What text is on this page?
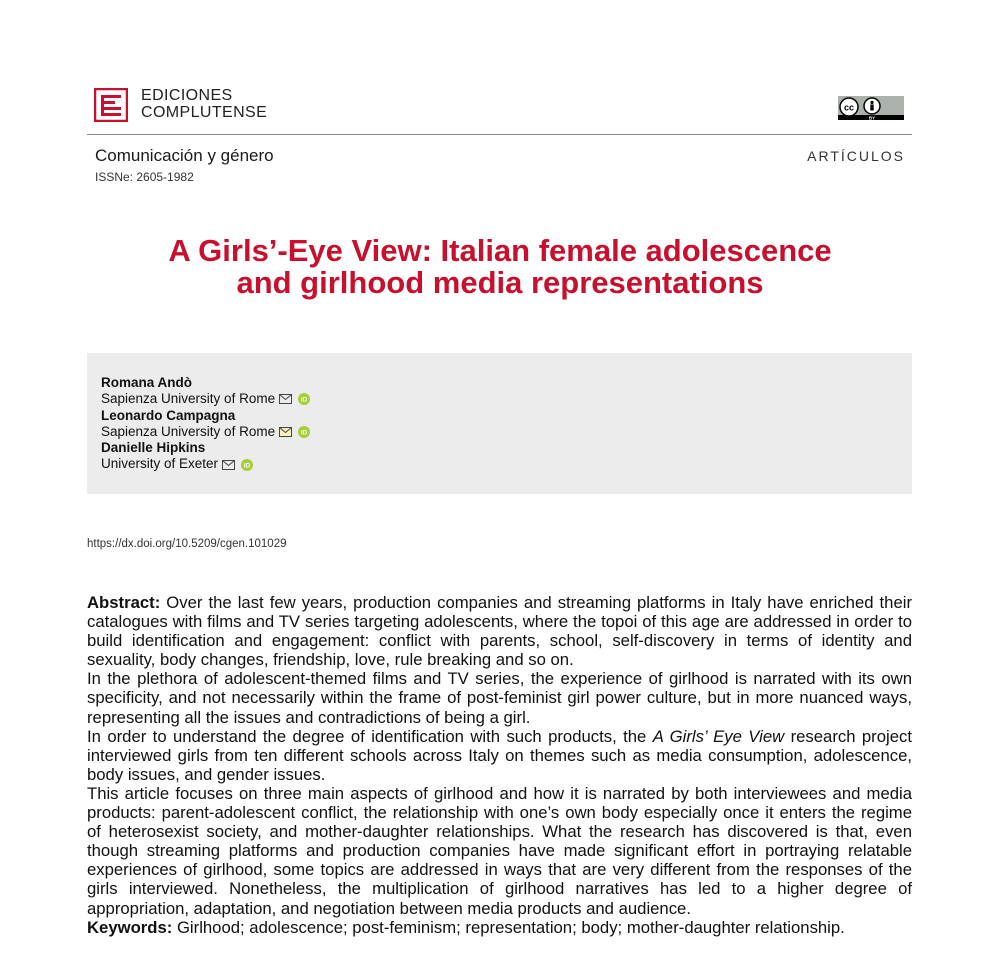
EDICIONES
COMPLUTENSE	cc
BY
Comunicación y género
ISSNe: 2605-1982
ARTÍCULOS
A Girls’-Eye View: Italian female adolescence
and girlhood media representations
Romana Andò
Sapienza University of Rome	iD
Leonardo Campagna
Sapienza University of Rome	iD
Danielle Hipkins
University of Exeter	iD
https://dx.doi.org/10.5209/cgen.101029

Abstract: Over the last few years, production companies and streaming platforms in Italy have enriched their catalogues with films and TV series targeting adolescents, where the topoi of this age are addressed in order to build identification and engagement: conflict with parents, school, self-discovery in terms of identity and sexuality, body changes, friendship, love, rule breaking and so on.

In the plethora of adolescent-themed films and TV series, the experience of girlhood is narrated with its own specificity, and not necessarily within the frame of post-feminist girl power culture, but in more nuanced ways, representing all the issues and contradictions of being a girl.

In order to understand the degree of identification with such products, the A Girls’ Eye View research project interviewed girls from ten different schools across Italy on themes such as media consumption, adolescence, body issues, and gender issues.

This article focuses on three main aspects of girlhood and how it is narrated by both interviewees and media products: parent-adolescent conflict, the relationship with one’s own body especially once it enters the regime of heterosexist society, and mother-daughter relationships. What the research has discovered is that, even though streaming platforms and production companies have made significant effort in portraying relatable experiences of girlhood, some topics are addressed in ways that are very different from the responses of the girls interviewed. Nonetheless, the multiplication of girlhood narratives has led to a higher degree of appropriation, adaptation, and negotiation between media products and audience.

Keywords: Girlhood; adolescence; post-feminism; representation; body; mother-daughter relationship.
